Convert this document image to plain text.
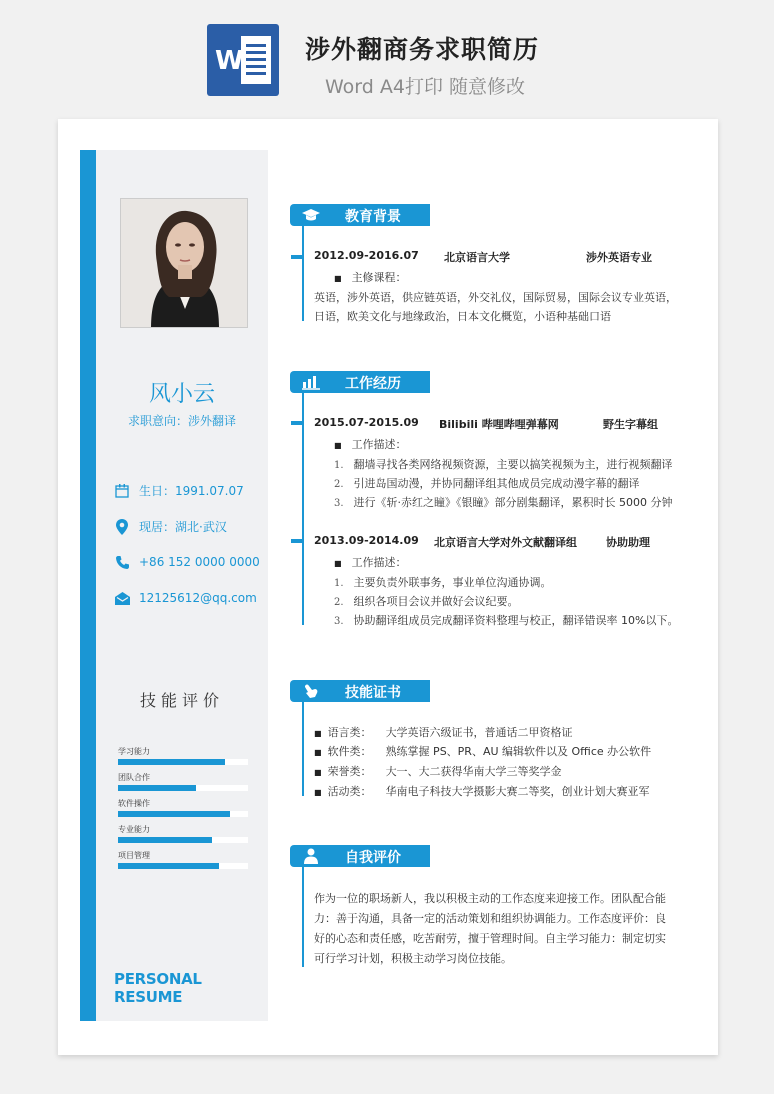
W 涉外翻商务求职简历
Word A4打印 随意修改
风小云
求职意向：涉外翻译
生日：1991.07.07
现居：湖北·武汉
+86 152 0000 0000
12125612@qq.com
技能评价
学习能力
团队合作
软件操作
专业能力
项目管理
PERSONAL RESUME
教育背景
2012.09-2016.07 北京语言大学	涉外英语专业
■ 主修课程：
英语，涉外英语，供应链英语，外交礼仪，国际贸易，国际会议专业英语，
日语，欧美文化与地缘政治，日本文化概览，小语种基础口语
工作经历
2015.07-2015.09 Bilibili 哔哩哔哩弹幕网	野生字幕组
■ 工作描述：
1. 翻墙寻找各类网络视频资源，主要以搞笑视频为主，进行视频翻译
2. 引进岛国动漫，并协同翻译组其他成员完成动漫字幕的翻译
3. 进行《斩·赤红之瞳》《银瞳》部分剧集翻译，累积时长 5000 分钟
2013.09-2014.09 北京语言大学对外文献翻译组	协助助理
■ 工作描述：
1. 主要负责外联事务，事业单位沟通协调。
2. 组织各项目会议并做好会议纪要。
3. 协助翻译组成员完成翻译资料整理与校正，翻译错误率 10%以下。
技能证书
■ 语言类： 大学英语六级证书，普通话二甲资格证
■ 软件类： 熟练掌握 PS、PR、AU 编辑软件以及 Office 办公软件
■ 荣誉类： 大一、大二获得华南大学三等奖学金
■ 活动类： 华南电子科技大学摄影大赛二等奖，创业计划大赛亚军
自我评价
作为一位的职场新人，我以积极主动的工作态度来迎接工作。团队配合能
力：善于沟通，具备一定的活动策划和组织协调能力。工作态度评价：良
好的心态和责任感，吃苦耐劳，擅于管理时间。自主学习能力：制定切实
可行学习计划，积极主动学习岗位技能。
